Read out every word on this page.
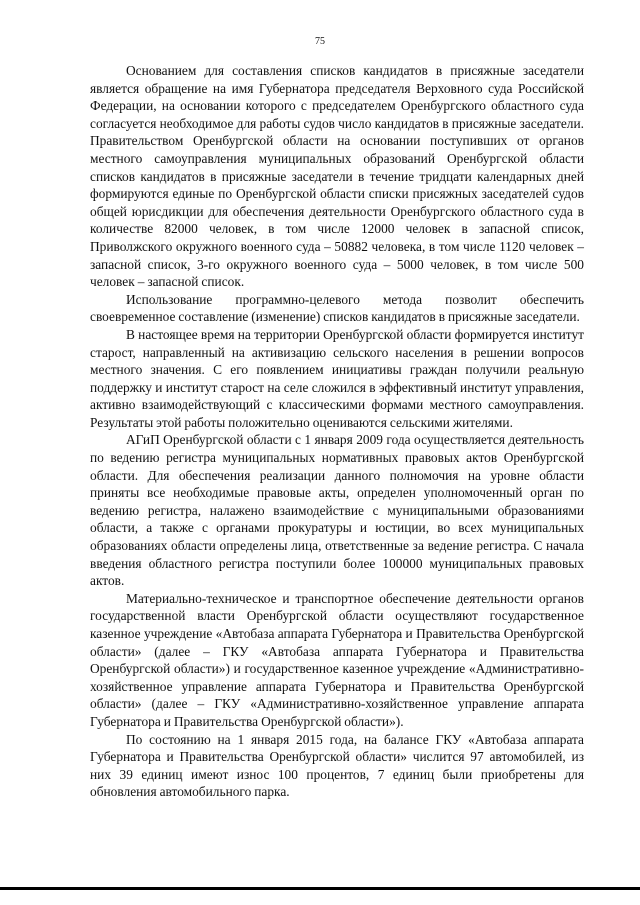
75

Основанием для составления списков кандидатов в присяжные заседатели является обращение на имя Губернатора председателя Верховного суда Российской Федерации, на основании которого с председателем Оренбургского областного суда согласуется необходимое для работы судов число кандидатов в присяжные заседатели. Правительством Оренбургской области на основании поступивших от органов местного самоуправления муниципальных образований Оренбургской области списков кандидатов в присяжные заседатели в течение тридцати календарных дней формируются единые по Оренбургской области списки присяжных заседателей судов общей юрисдикции для обеспечения деятельности Оренбургского областного суда в количестве 82000 человек, в том числе 12000 человек в запасной список, Приволжского окружного военного суда – 50882 человека, в том числе 1120 человек – запасной список, 3-го окружного военного суда – 5000 человек, в том числе 500 человек – запасной список.

Использование программно-целевого метода позволит обеспечить своевременное составление (изменение) списков кандидатов в присяжные заседатели.

В настоящее время на территории Оренбургской области формируется институт старост, направленный на активизацию сельского населения в решении вопросов местного значения. С его появлением инициативы граждан получили реальную поддержку и институт старост на селе сложился в эффективный институт управления, активно взаимодействующий с классическими формами местного самоуправления. Результаты этой работы положительно оцениваются сельскими жителями.

АГиП Оренбургской области с 1 января 2009 года осуществляется деятельность по ведению регистра муниципальных нормативных правовых актов Оренбургской области. Для обеспечения реализации данного полномочия на уровне области приняты все необходимые правовые акты, определен уполномоченный орган по ведению регистра, налажено взаимодействие с муниципальными образованиями области, а также с органами прокуратуры и юстиции, во всех муниципальных образованиях области определены лица, ответственные за ведение регистра. С начала введения областного регистра поступили более 100000 муниципальных правовых актов.

Материально-техническое и транспортное обеспечение деятельности органов государственной власти Оренбургской области осуществляют государственное казенное учреждение «Автобаза аппарата Губернатора и Правительства Оренбургской области» (далее – ГКУ «Автобаза аппарата Губернатора и Правительства Оренбургской области») и государственное казенное учреждение «Административно-хозяйственное управление аппарата Губернатора и Правительства Оренбургской области» (далее – ГКУ «Административно-хозяйственное управление аппарата Губернатора и Правительства Оренбургской области»).

По состоянию на 1 января 2015 года, на балансе ГКУ «Автобаза аппарата Губернатора и Правительства Оренбургской области» числится 97 автомобилей, из них 39 единиц имеют износ 100 процентов, 7 единиц были приобретены для обновления автомобильного парка.
